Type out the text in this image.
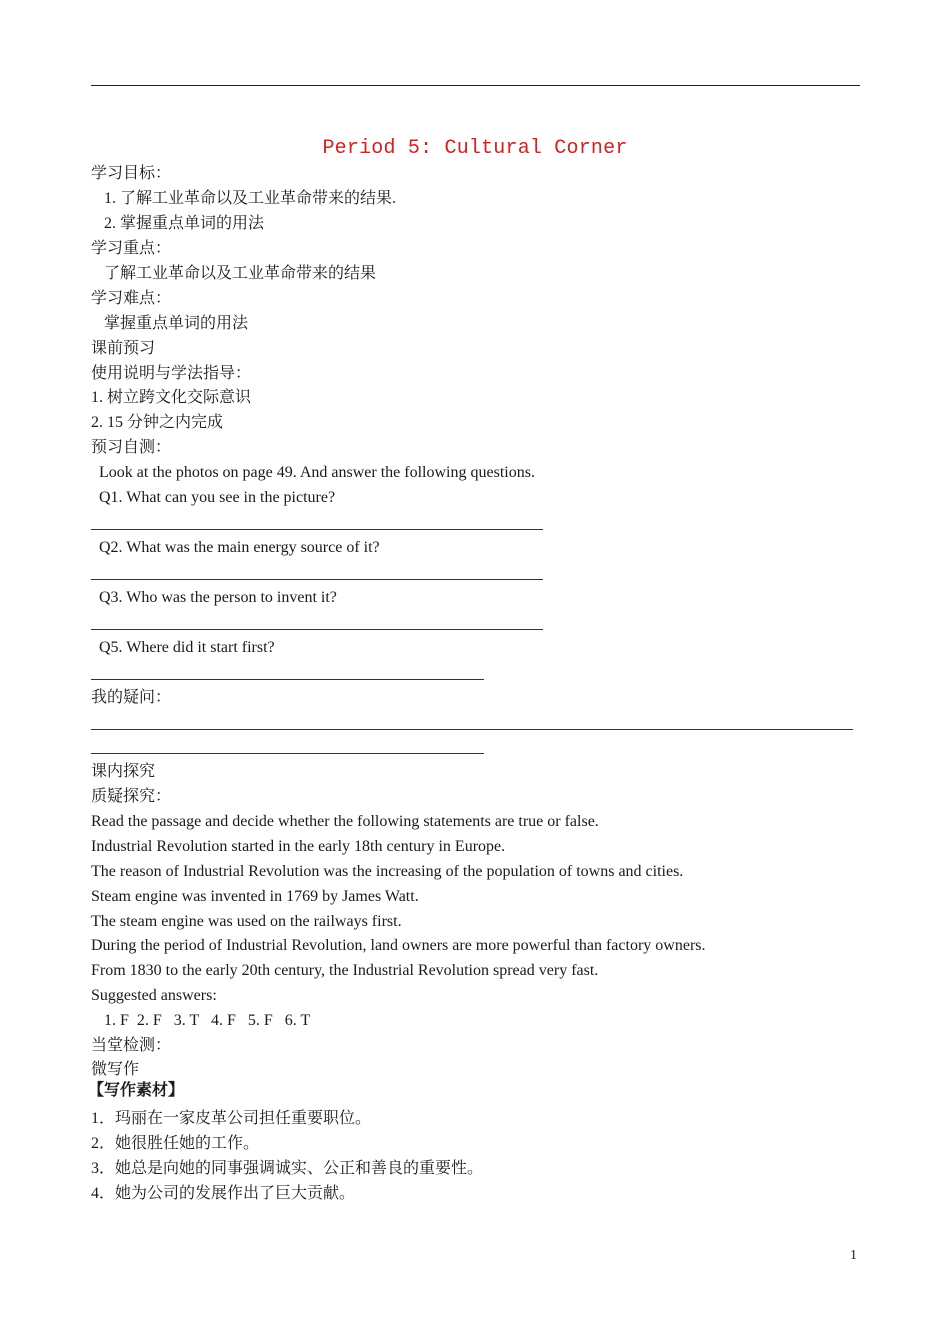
Period 5: Cultural Corner
学习目标：
1. 了解工业革命以及工业革命带来的结果.
2. 掌握重点单词的用法
学习重点：
了解工业革命以及工业革命带来的结果
学习难点：
掌握重点单词的用法
课前预习
使用说明与学法指导：
1. 树立跨文化交际意识
2. 15 分钟之内完成
预习自测：
Look at the photos on page 49. And answer the following questions.
Q1. What can you see in the picture?
Q2. What was the main energy source of it?
Q3. Who was the person to invent it?
Q5. Where did it start first?
我的疑问：
课内探究
质疑探究：
Read the passage and decide whether the following statements are true or false.
Industrial Revolution started in the early 18th century in Europe.
The reason of Industrial Revolution was the increasing of the population of towns and cities.
Steam engine was invented in 1769 by James Watt.
The steam engine was used on the railways first.
During the period of Industrial Revolution, land owners are more powerful than factory owners.
From 1830 to the early 20th century, the Industrial Revolution spread very fast.
Suggested answers:
1. F  2. F   3. T   4. F   5. F   6. T
当堂检测：
微写作
【写作素材】
1．玛丽在一家皮革公司担任重要职位。
2．她很胜任她的工作。
3．她总是向她的同事强调诚实、公正和善良的重要性。
4．她为公司的发展作出了巨大贡献。
1
